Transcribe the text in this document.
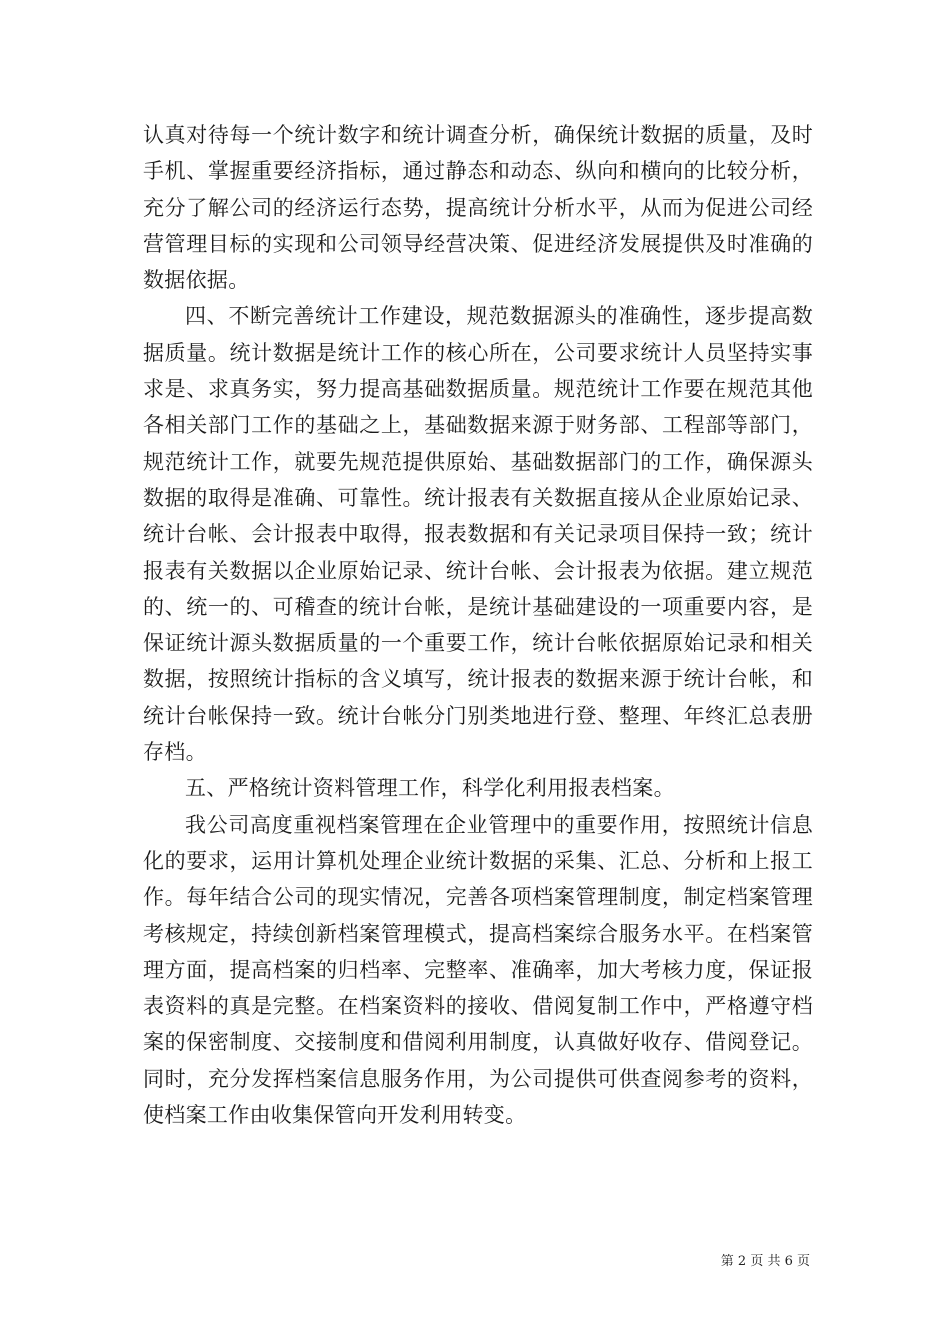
认真对待每一个统计数字和统计调查分析，确保统计数据的质量，及时手机、掌握重要经济指标，通过静态和动态、纵向和横向的比较分析，充分了解公司的经济运行态势，提高统计分析水平，从而为促进公司经营管理目标的实现和公司领导经营决策、促进经济发展提供及时准确的数据依据。

四、不断完善统计工作建设，规范数据源头的准确性，逐步提高数据质量。统计数据是统计工作的核心所在，公司要求统计人员坚持实事求是、求真务实，努力提高基础数据质量。规范统计工作要在规范其他各相关部门工作的基础之上，基础数据来源于财务部、工程部等部门，规范统计工作，就要先规范提供原始、基础数据部门的工作，确保源头数据的取得是准确、可靠性。统计报表有关数据直接从企业原始记录、统计台帐、会计报表中取得，报表数据和有关记录项目保持一致；统计报表有关数据以企业原始记录、统计台帐、会计报表为依据。建立规范的、统一的、可稽查的统计台帐，是统计基础建设的一项重要内容，是保证统计源头数据质量的一个重要工作，统计台帐依据原始记录和相关数据，按照统计指标的含义填写，统计报表的数据来源于统计台帐，和统计台帐保持一致。统计台帐分门别类地进行登、整理、年终汇总表册存档。

五、严格统计资料管理工作，科学化利用报表档案。

我公司高度重视档案管理在企业管理中的重要作用，按照统计信息化的要求，运用计算机处理企业统计数据的采集、汇总、分析和上报工作。每年结合公司的现实情况，完善各项档案管理制度，制定档案管理考核规定，持续创新档案管理模式，提高档案综合服务水平。在档案管理方面，提高档案的归档率、完整率、准确率，加大考核力度，保证报表资料的真是完整。在档案资料的接收、借阅复制工作中，严格遵守档案的保密制度、交接制度和借阅利用制度，认真做好收存、借阅登记。同时，充分发挥档案信息服务作用，为公司提供可供查阅参考的资料，使档案工作由收集保管向开发利用转变。

第 2 页 共 6 页
